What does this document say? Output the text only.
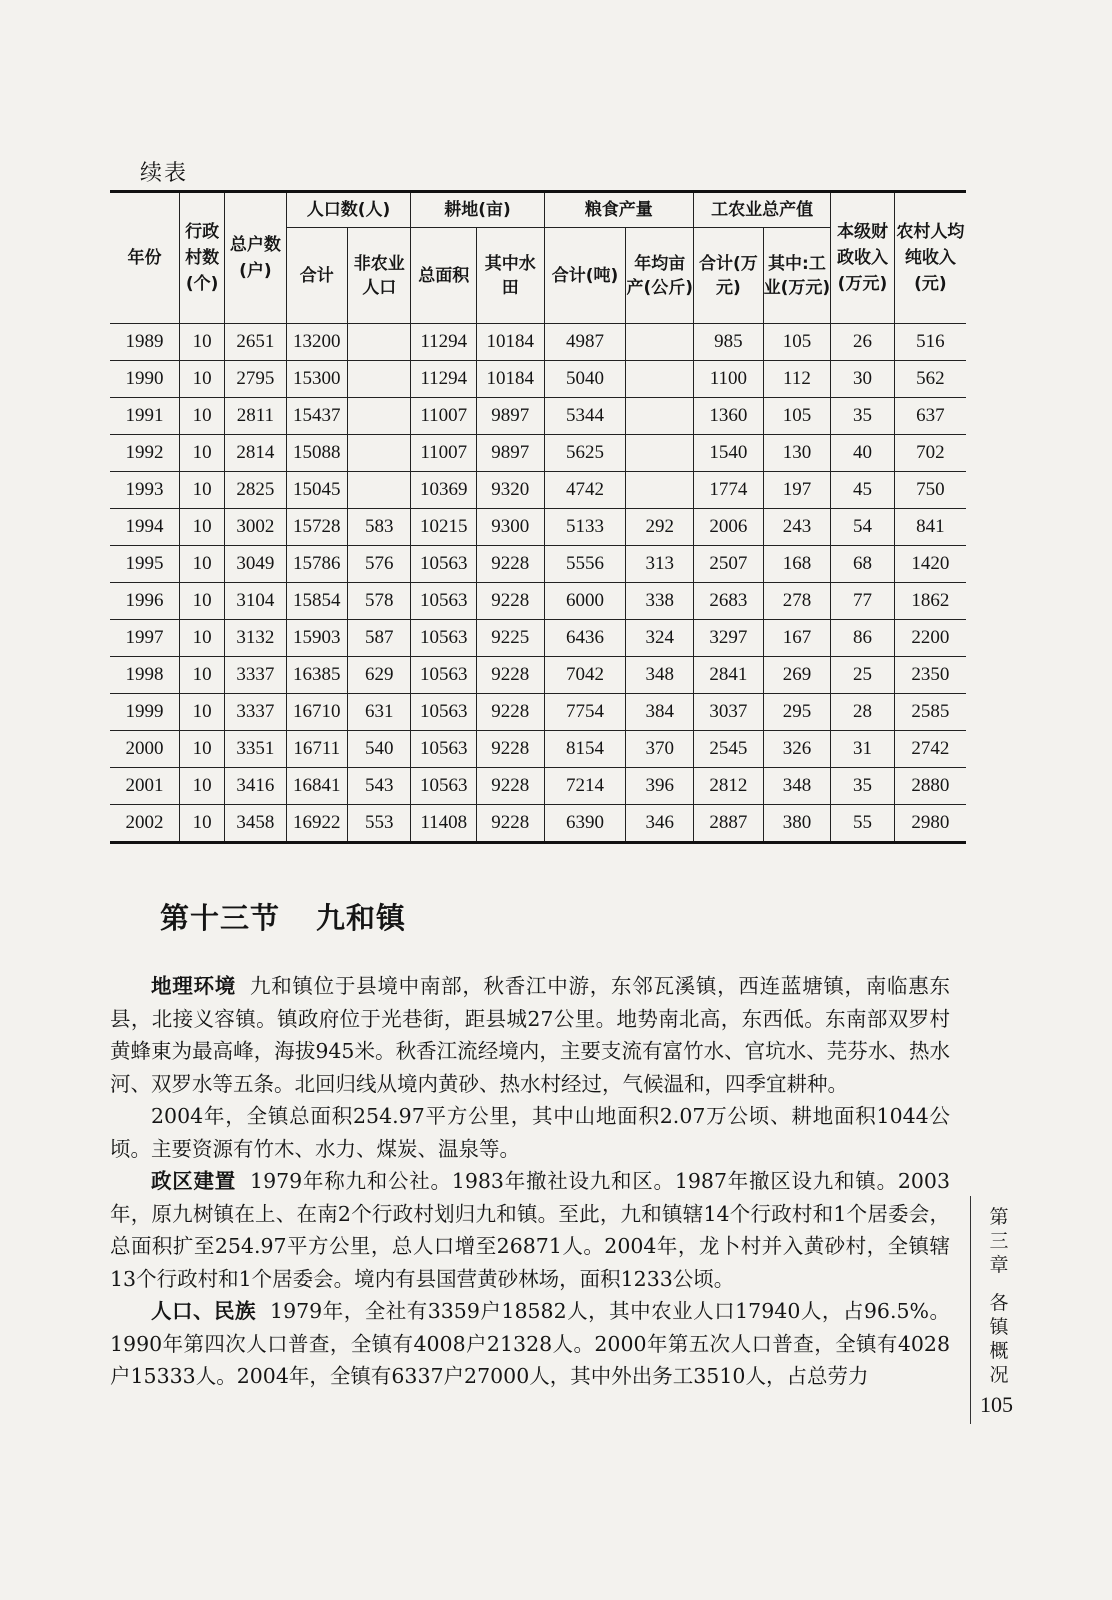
续表
年份	行政村数(个)	总户数(户)	人口数(人)		耕地(亩)		粮食产量		工农业总产值		本级财政收入(万元)	农村人均纯收入(元)
			合计	非农业人口	总面积	其中水田	合计(吨)	年均亩产(公斤)	合计(万元)	其中:工业(万元)		
1989	10	2651	13200		11294	10184	4987		985	105	26	516
1990	10	2795	15300		11294	10184	5040		1100	112	30	562
1991	10	2811	15437		11007	9897	5344		1360	105	35	637
1992	10	2814	15088		11007	9897	5625		1540	130	40	702
1993	10	2825	15045		10369	9320	4742		1774	197	45	750
1994	10	3002	15728	583	10215	9300	5133	292	2006	243	54	841
1995	10	3049	15786	576	10563	9228	5556	313	2507	168	68	1420
1996	10	3104	15854	578	10563	9228	6000	338	2683	278	77	1862
1997	10	3132	15903	587	10563	9225	6436	324	3297	167	86	2200
1998	10	3337	16385	629	10563	9228	7042	348	2841	269	25	2350
1999	10	3337	16710	631	10563	9228	7754	384	3037	295	28	2585
2000	10	3351	16711	540	10563	9228	8154	370	2545	326	31	2742
2001	10	3416	16841	543	10563	9228	7214	396	2812	348	35	2880
2002	10	3458	16922	553	11408	9228	6390	346	2887	380	55	2980
第十三节 九和镇

地理环境 九和镇位于县境中南部，秋香江中游，东邻瓦溪镇，西连蓝塘镇，南临惠东县，北接义容镇。镇政府位于光巷街，距县城27公里。地势南北高，东西低。东南部双罗村黄蜂東为最高峰，海拔945米。秋香江流经境内，主要支流有富竹水、官坑水、芫芬水、热水河、双罗水等五条。北回归线从境内黄砂、热水村经过，气候温和，四季宜耕种。

2004年，全镇总面积254.97平方公里，其中山地面积2.07万公顷、耕地面积1044公顷。主要资源有竹木、水力、煤炭、温泉等。

政区建置 1979年称九和公社。1983年撤社设九和区。1987年撤区设九和镇。2003年，原九树镇在上、在南2个行政村划归九和镇。至此，九和镇辖14个行政村和1个居委会，总面积扩至254.97平方公里，总人口增至26871人。2004年，龙卜村并入黄砂村，全镇辖13个行政村和1个居委会。境内有县国营黄砂林场，面积1233公顷。

人口、民族 1979年，全社有3359户18582人，其中农业人口17940人，占96.5%。1990年第四次人口普查，全镇有4008户21328人。2000年第五次人口普查，全镇有4028户15333人。2004年，全镇有6337户27000人，其中外出务工3510人，占总劳力

第
三
章
各
镇
概
况
105
